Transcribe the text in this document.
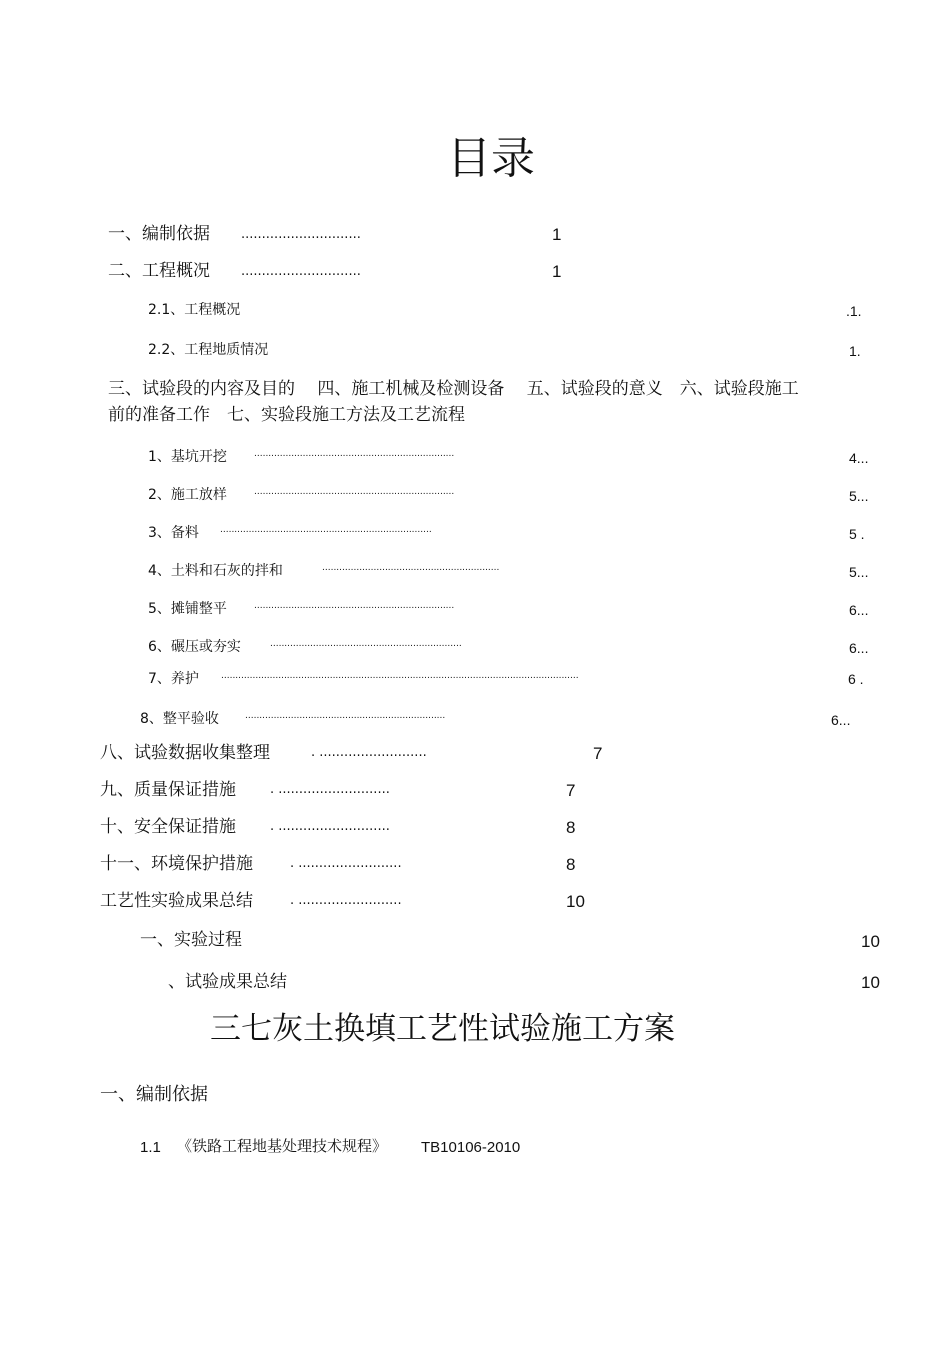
目录
一、编制依据 .............................	1
二、工程概况 .............................	1
2.1、工程概况	.1.
2.2、工程地质情况	1.
三、试验段的内容及目的　 四、施工机械及检测设备　 五、试验段的意义　六、试验段施工
前的准备工作　七、实验段施工方法及工艺流程
1、基坑开挖	......................................................................	4...
2、施工放样	......................................................................	5...
3、备料 ..........................................................................	5 .
4、土料和石灰的拌和	..............................................................	5...
5、摊铺整平	......................................................................	6...
6、碾压或夯实	...................................................................	6...
7、养护 .............................................................................................................................	6 .
8、整平验收	......................................................................	6...
八、试验数据收集整理	. ..........................	7
九、质量保证措施	. ...........................	7
十、安全保证措施	. ...........................	8
十一、环境保护措施	. .........................	8
工艺性实验成果总结	. .........................	10
一、实验过程	10
、试验成果总结	10
三七灰土换填工艺性试验施工方案
一、编制依据
1.1 《铁路工程地基处理技术规程》 TB10106-2010
